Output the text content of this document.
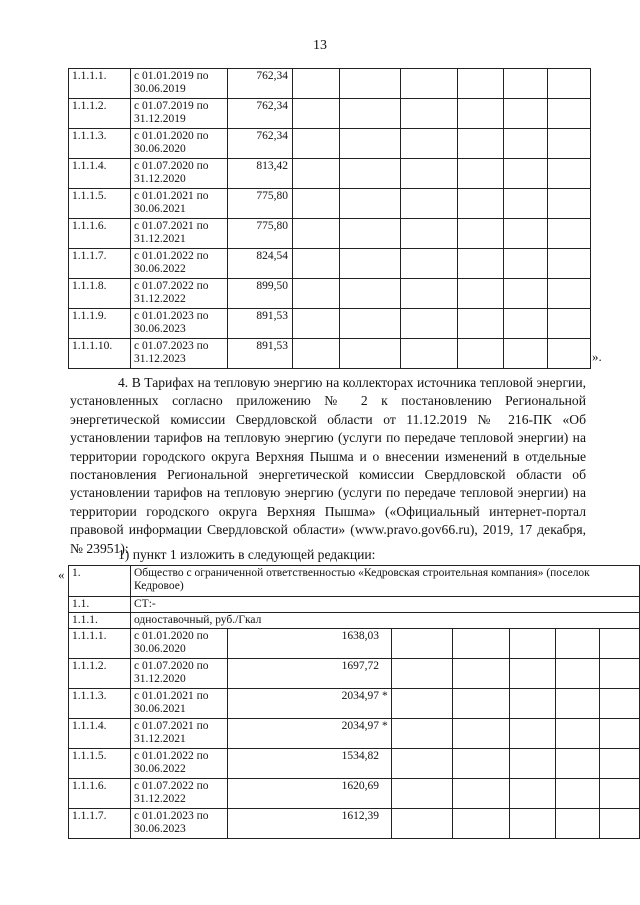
13
1.1.1.1.	с 01.01.2019 по 30.06.2019	762,34						
1.1.1.2.	с 01.07.2019 по 31.12.2019	762,34						
1.1.1.3.	с 01.01.2020 по 30.06.2020	762,34						
1.1.1.4.	с 01.07.2020 по 31.12.2020	813,42						
1.1.1.5.	с 01.01.2021 по 30.06.2021	775,80						
1.1.1.6.	с 01.07.2021 по 31.12.2021	775,80						
1.1.1.7.	с 01.01.2022 по 30.06.2022	824,54						
1.1.1.8.	с 01.07.2022 по 31.12.2022	899,50						
1.1.1.9.	с 01.01.2023 по 30.06.2023	891,53						
1.1.1.10.	с 01.07.2023 по 31.12.2023	891,53						
».

4. В Тарифах на тепловую энергию на коллекторах источника тепловой энергии, установленных согласно приложению № 2 к постановлению Региональной энергетической комиссии Свердловской области от 11.12.2019 № 216-ПК «Об установлении тарифов на тепловую энергию (услуги по передаче тепловой энергии) на территории городского округа Верхняя Пышма и о внесении изменений в отдельные постановления Региональной энергетической комиссии Свердловской области об установлении тарифов на тепловую энергию (услуги по передаче тепловой энергии) на территории городского округа Верхняя Пышма» («Официальный интернет-портал правовой информации Свердловской области» (www.pravo.gov66.ru), 2019, 17 декабря, № 23951):

1) пункт 1 изложить в следующей редакции:
« 1.	Общество с ограниченной ответственностью «Кедровская строительная компания» (поселок Кедровое)						
1.1.	СТ:-						
1.1.1.	одноставочный, руб./Гкал						
1.1.1.1.	с 01.01.2020 по 30.06.2020	1638,03					

1.1.1.2.	с 01.07.2020 по 31.12.2020	1697,72					

1.1.1.3.	с 01.01.2021 по 30.06.2021	2034,97 *					

1.1.1.4.	с 01.07.2021 по 31.12.2021	2034,97 *					

1.1.1.5.	с 01.01.2022 по 30.06.2022	1534,82					

1.1.1.6.	с 01.07.2022 по 31.12.2022	1620,69					

1.1.1.7.	с 01.01.2023 по 30.06.2023	1612,39					
